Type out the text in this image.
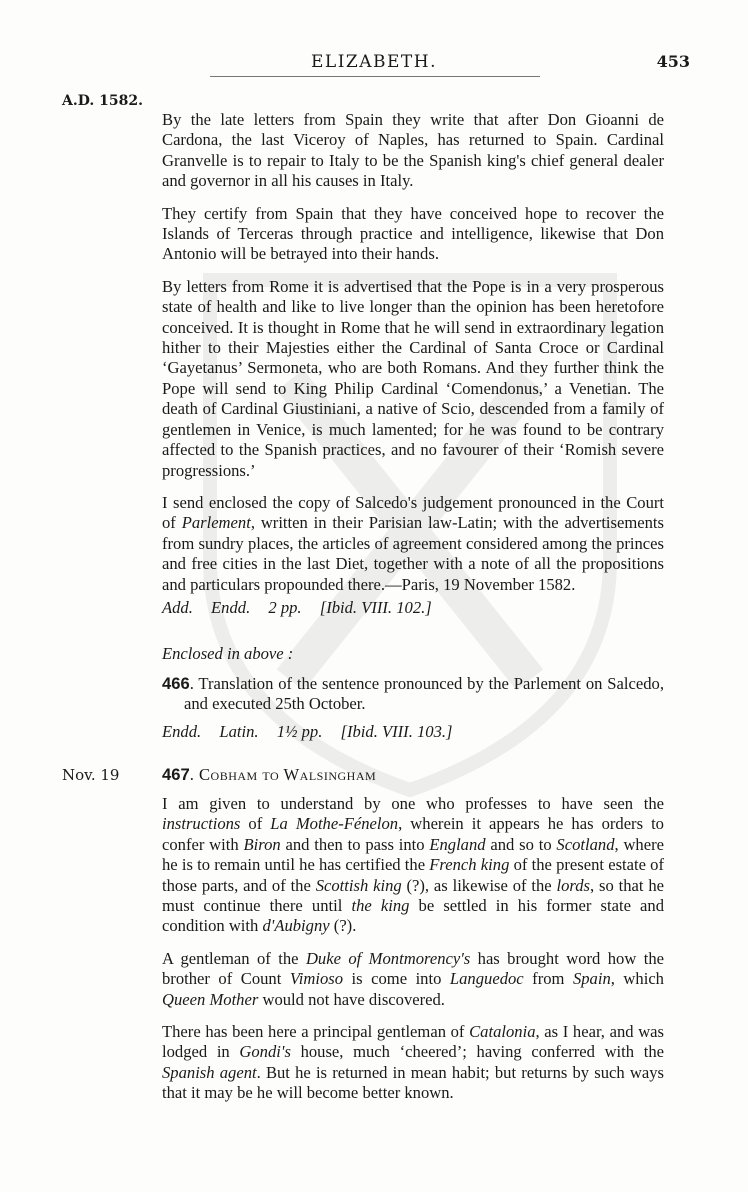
ELIZABETH.	453
A.D. 1582.

By the late letters from Spain they write that after Don Gioanni de Cardona, the last Viceroy of Naples, has returned to Spain. Cardinal Granvelle is to repair to Italy to be the Spanish king's chief general dealer and governor in all his causes in Italy.

They certify from Spain that they have conceived hope to recover the Islands of Terceras through practice and intelligence, likewise that Don Antonio will be betrayed into their hands.

By letters from Rome it is advertised that the Pope is in a very prosperous state of health and like to live longer than the opinion has been heretofore conceived. It is thought in Rome that he will send in extraordinary legation hither to their Majesties either the Cardinal of Santa Croce or Cardinal ‘Gayetanus’ Sermoneta, who are both Romans. And they further think the Pope will send to King Philip Cardinal ‘Comendonus,’ a Venetian. The death of Cardinal Giustiniani, a native of Scio, descended from a family of gentlemen in Venice, is much lamented; for he was found to be contrary affected to the Spanish practices, and no favourer of their ‘Romish severe progressions.’

I send enclosed the copy of Salcedo's judgement pronounced in the Court of Parlement, written in their Parisian law-Latin; with the advertisements from sundry places, the articles of agreement considered among the princes and free cities in the last Diet, together with a note of all the propositions and particulars propounded there.—Paris, 19 November 1582.

Add. Endd. 2 pp. [Ibid. VIII. 102.]
Enclosed in above :

466. Translation of the sentence pronounced by the Parlement on Salcedo, and executed 25th October.

Endd. Latin. 1½ pp. [Ibid. VIII. 103.]
Nov. 19	467. Cobham to Walsingham

I am given to understand by one who professes to have seen the instructions of La Mothe-Fénelon, wherein it appears he has orders to confer with Biron and then to pass into England and so to Scotland, where he is to remain until he has certified the French king of the present estate of those parts, and of the Scottish king (?), as likewise of the lords, so that he must continue there until the king be settled in his former state and condition with d'Aubigny (?).

A gentleman of the Duke of Montmorency's has brought word how the brother of Count Vimioso is come into Languedoc from Spain, which Queen Mother would not have discovered.

There has been here a principal gentleman of Catalonia, as I hear, and was lodged in Gondi's house, much ‘cheered’; having conferred with the Spanish agent. But he is returned in mean habit; but returns by such ways that it may be he will become better known.
